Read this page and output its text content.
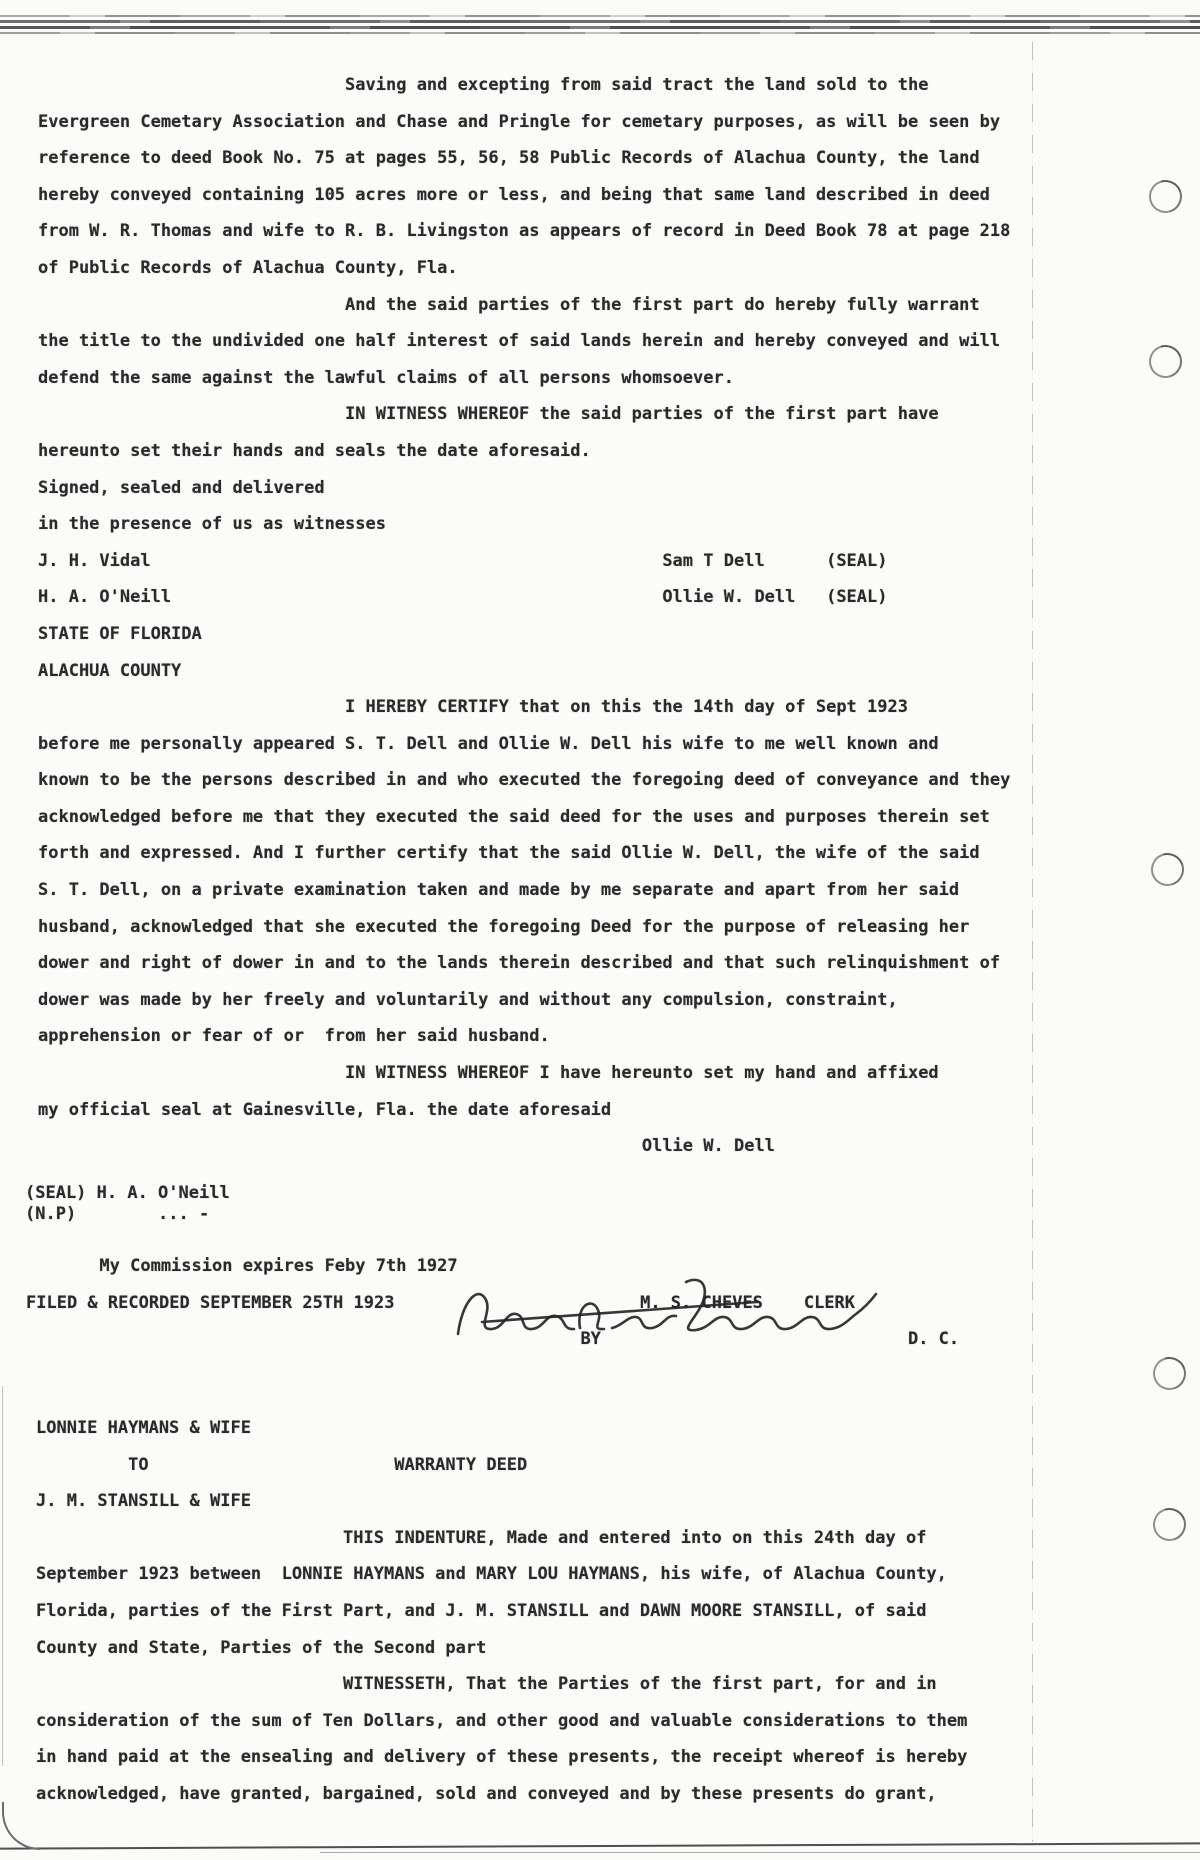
Saving and excepting from said tract the land sold to the
Evergreen Cemetary Association and Chase and Pringle for cemetary purposes, as will be seen by
reference to deed Book No. 75 at pages 55, 56, 58 Public Records of Alachua County, the land
hereby conveyed containing 105 acres more or less, and being that same land described in deed
from W. R. Thomas and wife to R. B. Livingston as appears of record in Deed Book 78 at page 218
of Public Records of Alachua County, Fla.
And the said parties of the first part do hereby fully warrant
the title to the undivided one half interest of said lands herein and hereby conveyed and will
defend the same against the lawful claims of all persons whomsoever.
IN WITNESS WHEREOF the said parties of the first part have
hereunto set their hands and seals the date aforesaid.
Signed, sealed and delivered
in the presence of us as witnesses
J. H. Vidal                                                  Sam T Dell      (SEAL)
H. A. O'Neill                                                Ollie W. Dell   (SEAL)
STATE OF FLORIDA
ALACHUA COUNTY
I HEREBY CERTIFY that on this the 14th day of Sept 1923
before me personally appeared S. T. Dell and Ollie W. Dell his wife to me well known and
known to be the persons described in and who executed the foregoing deed of conveyance and they
acknowledged before me that they executed the said deed for the uses and purposes therein set
forth and expressed. And I further certify that the said Ollie W. Dell, the wife of the said
S. T. Dell, on a private examination taken and made by me separate and apart from her said
husband, acknowledged that she executed the foregoing Deed for the purpose of releasing her
dower and right of dower in and to the lands therein described and that such relinquishment of
dower was made by her freely and voluntarily and without any compulsion, constraint,
apprehension or fear of or  from her said husband.
IN WITNESS WHEREOF I have hereunto set my hand and affixed
my official seal at Gainesville, Fla. the date aforesaid
Ollie W. Dell
(SEAL) H. A. O'Neill
(N.P)        ... -
My Commission expires Feby 7th 1927
FILED & RECORDED SEPTEMBER 25TH 1923                        M. S. CHEVES    CLERK
BY                              D. C.
LONNIE HAYMANS & WIFE
TO                        WARRANTY DEED
J. M. STANSILL & WIFE
THIS INDENTURE, Made and entered into on this 24th day of
September 1923 between  LONNIE HAYMANS and MARY LOU HAYMANS, his wife, of Alachua County,
Florida, parties of the First Part, and J. M. STANSILL and DAWN MOORE STANSILL, of said
County and State, Parties of the Second part
WITNESSETH, That the Parties of the first part, for and in
consideration of the sum of Ten Dollars, and other good and valuable considerations to them
in hand paid at the ensealing and delivery of these presents, the receipt whereof is hereby
acknowledged, have granted, bargained, sold and conveyed and by these presents do grant,
